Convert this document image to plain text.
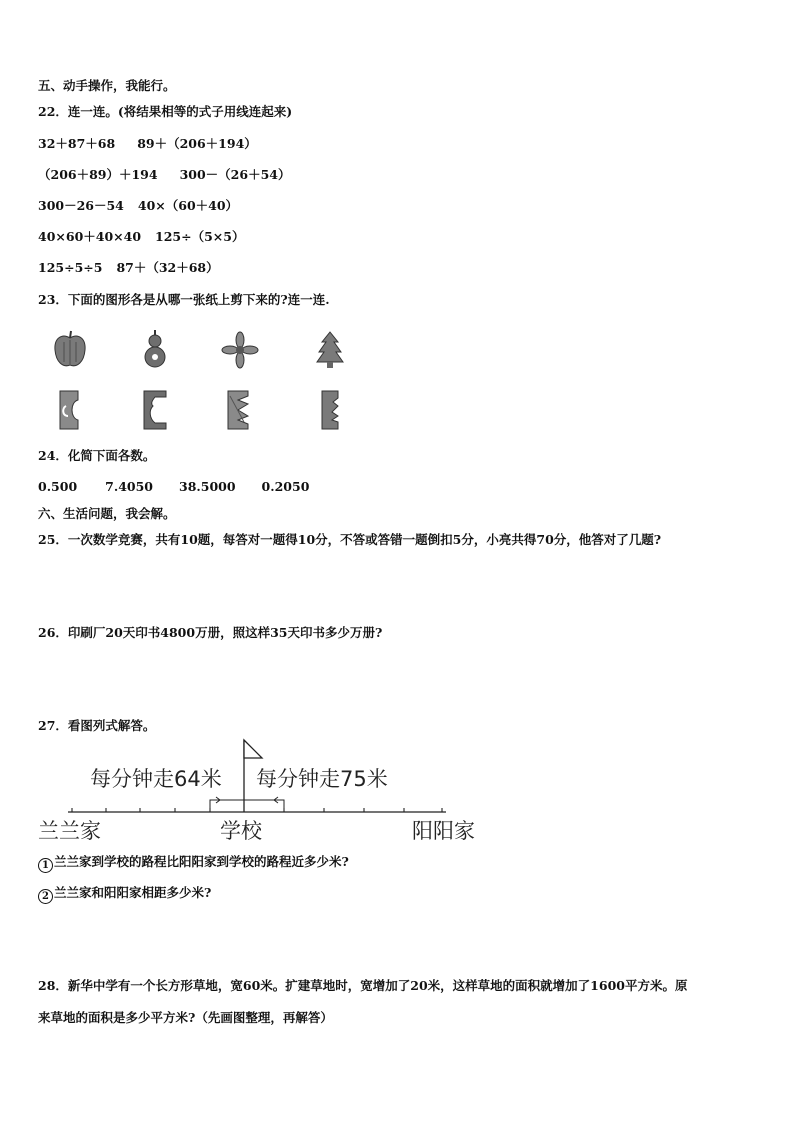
五、动手操作，我能行。
22．连一连。(将结果相等的式子用线连起来)
32＋87＋68 89＋（206＋194）
（206＋89）＋194 300－（26＋54）
300－26－54 40×（60＋40）
40×60＋40×40 125÷（5×5）
125÷5÷5 87＋（32＋68）
23．下面的图形各是从哪一张纸上剪下来的?连一连.
24．化简下面各数。
0.500 7.4050 38.5000 0.2050
六、生活问题，我会解。
25．一次数学竞赛，共有10题，每答对一题得10分，不答或答错一题倒扣5分，小亮共得70分，他答对了几题?
26．印刷厂20天印书4800万册，照这样35天印书多少万册?
27．看图列式解答。
每分钟走64米 每分钟走75米
兰兰家	学校	阳阳家
1 兰兰家到学校的路程比阳阳家到学校的路程近多少米?
2 兰兰家和阳阳家相距多少米?
28．新华中学有一个长方形草地，宽60米。扩建草地时，宽增加了20米，这样草地的面积就增加了1600平方米。原
来草地的面积是多少平方米?（先画图整理，再解答）
